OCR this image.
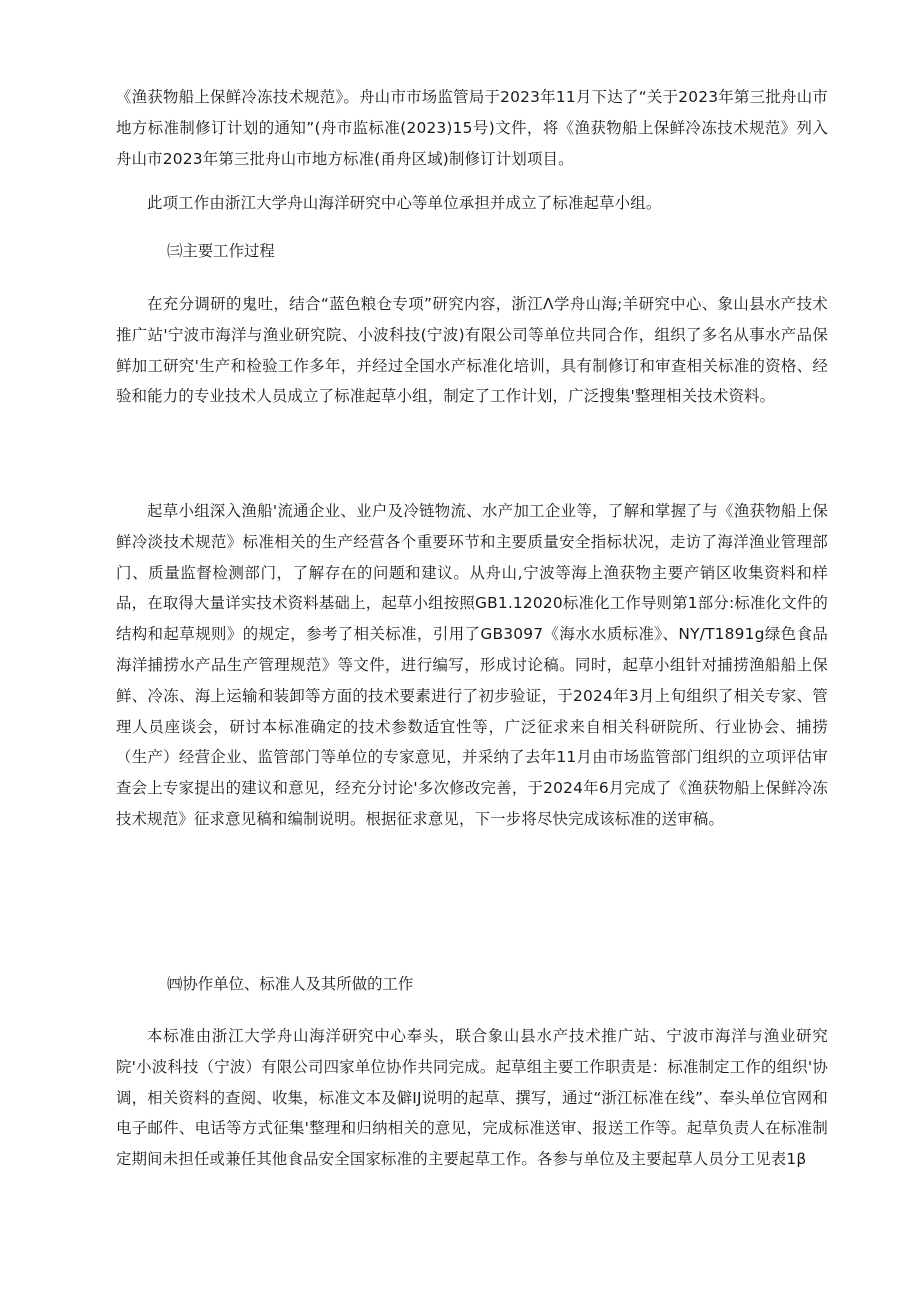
《渔获物船上保鲜冷冻技术规范》。舟山市市场监管局于2023年11月下达了“关于2023年第三批舟山市地方标准制修订计划的通知”(舟市监标准(2023)15号)文件，将《渔获物船上保鲜冷冻技术规范》列入舟山市2023年第三批舟山市地方标准(甬舟区域)制修订计划项目。

此项工作由浙江大学舟山海洋研究中心等单位承担并成立了标准起草小组。

㈢主要工作过程

在充分调研的鬼吐，结合“蓝色粮仓专项”研究内容，浙江Λ学舟山海;羊研究中心、象山县水产技术推广站'宁波市海洋与渔业研究院、小波科技(宁波)有限公司等单位共同合作，组织了多名从事水产品保鲜加工研究'生产和检验工作多年，并经过全国水产标准化培训，具有制修订和审查相关标准的资格、经验和能力的专业技术人员成立了标准起草小组，制定了工作计划，广泛搜集'整理相关技术资料。

起草小组深入渔船'流通企业、业户及冷链物流、水产加工企业等，了解和掌握了与《渔获物船上保鲜冷淡技术规范》标准相关的生产经营各个重要环节和主要质量安全指标状况，走访了海洋渔业管理部门、质量监督检测部门，了解存在的问题和建议。从舟山,宁波等海上渔获物主要产销区收集资料和样品，在取得大量详实技术资料基础上，起草小组按照GB1.12020标准化工作导则第1部分:标准化文件的结构和起草规则》的规定，参考了相关标准，引用了GB3097《海水水质标准》、NY/T1891g绿色食品海洋捕捞水产品生产管理规范》等文件，进行编写，形成讨论稿。同时，起草小组针对捕捞渔船船上保鲜、冷冻、海上运输和装卸等方面的技术要素进行了初步验证，于2024年3月上旬组织了相关专家、管理人员座谈会，研讨本标准确定的技术参数适宜性等，广泛征求来自相关科研院所、行业协会、捕捞（生产）经营企业、监管部门等单位的专家意见，并采纳了去年11月由市场监管部门组织的立项评估审查会上专家提出的建议和意见，经充分讨论'多次修改完善，于2024年6月完成了《渔获物船上保鲜冷冻技术规范》征求意见稿和编制说明。根据征求意见，下一步将尽快完成该标准的送审稿。

㈣协作单位、标准人及其所做的工作

本标准由浙江大学舟山海洋研究中心奉头，联合象山县水产技术推广站、宁波市海洋与渔业研究院'小波科技（宁波）有限公司四家单位协作共同完成。起草组主要工作职责是：标准制定工作的组织'协调，相关资料的查阅、收集，标准文本及僻IJ说明的起草、撰写，通过“浙江标准在线”、奉头单位官网和电子邮件、电话等方式征集'整理和归纳相关的意见，完成标准送审、报送工作等。起草负责人在标准制定期间未担任或兼任其他食品安全国家标准的主要起草工作。各参与单位及主要起草人员分工见表1β
